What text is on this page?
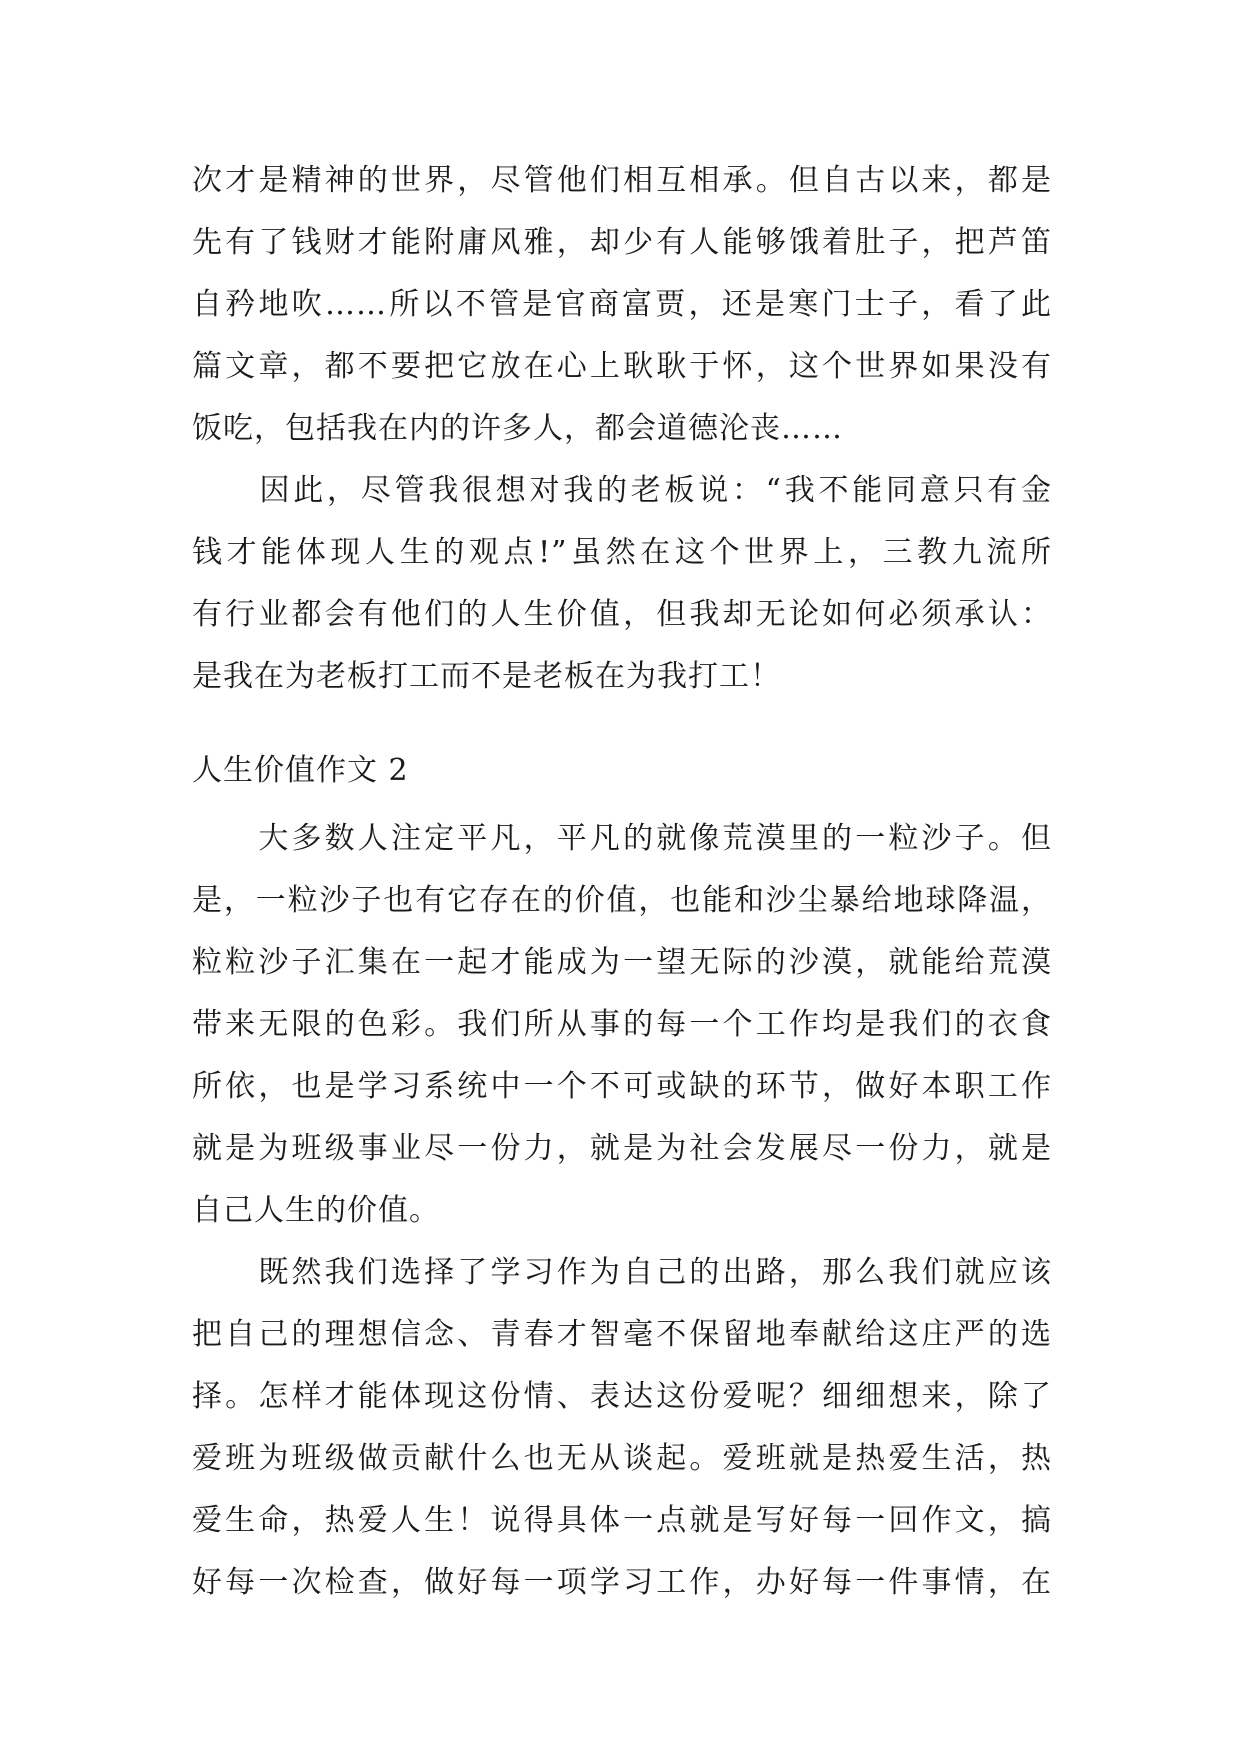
次才是精神的世界，尽管他们相互相承。但自古以来，都是
先有了钱财才能附庸风雅，却少有人能够饿着肚子，把芦笛
自矜地吹……所以不管是官商富贾，还是寒门士子，看了此
篇文章，都不要把它放在心上耿耿于怀，这个世界如果没有
饭吃，包括我在内的许多人，都会道德沦丧……
　　因此，尽管我很想对我的老板说：“我不能同意只有金
钱才能体现人生的观点!”虽然在这个世界上，三教九流所
有行业都会有他们的人生价值，但我却无论如何必须承认：
是我在为老板打工而不是老板在为我打工！
人生价值作文 2
　　大多数人注定平凡，平凡的就像荒漠里的一粒沙子。但
是，一粒沙子也有它存在的价值，也能和沙尘暴给地球降温，
粒粒沙子汇集在一起才能成为一望无际的沙漠，就能给荒漠
带来无限的色彩。我们所从事的每一个工作均是我们的衣食
所依，也是学习系统中一个不可或缺的环节，做好本职工作
就是为班级事业尽一份力，就是为社会发展尽一份力，就是
自己人生的价值。
　　既然我们选择了学习作为自己的出路，那么我们就应该
把自己的理想信念、青春才智毫不保留地奉献给这庄严的选
择。怎样才能体现这份情、表达这份爱呢？细细想来，除了
爱班为班级做贡献什么也无从谈起。爱班就是热爱生活，热
爱生命，热爱人生！说得具体一点就是写好每一回作文，搞
好每一次检查，做好每一项学习工作，办好每一件事情，在
